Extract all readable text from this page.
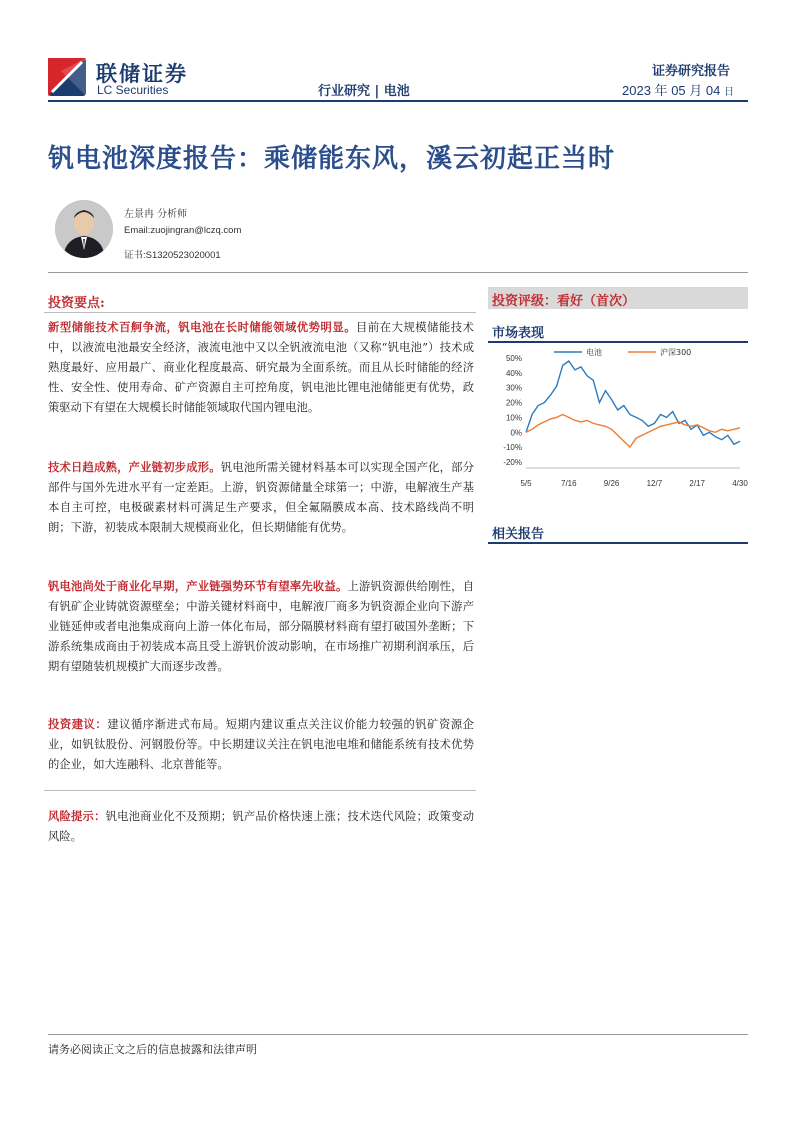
联储证券
LC Securities
证券研究报告
行业研究 | 电池	2023 年 05 月 04 日
钒电池深度报告：乘储能东风，溪云初起正当时
左景冉 分析师
Email:zuojingran@lczq.com
证书:S1320523020001
投资要点:
新型储能技术百舸争流，钒电池在长时储能领域优势明显。目前在大规模储能技术中，以液流电池最安全经济，液流电池中又以全钒液流电池（又称“钒电池”）技术成熟度最好、应用最广、商业化程度最高、研究最为全面系统。而且从长时储能的经济性、安全性、使用寿命、矿产资源自主可控角度，钒电池比锂电池储能更有优势，政策驱动下有望在大规模长时储能领域取代国内锂电池。
技术日趋成熟，产业链初步成形。钒电池所需关键材料基本可以实现全国产化，部分部件与国外先进水平有一定差距。上游，钒资源储量全球第一；中游，电解液生产基本自主可控，电极碳素材料可满足生产要求，但全氟隔膜成本高、技术路线尚不明朗；下游，初装成本限制大规模商业化，但长期储能有优势。
钒电池尚处于商业化早期，产业链强势环节有望率先收益。上游钒资源供给刚性，自有钒矿企业铸就资源壁垒；中游关键材料商中，电解液厂商多为钒资源企业向下游产业链延伸或者电池集成商向上游一体化布局，部分隔膜材料商有望打破国外垄断；下游系统集成商由于初装成本高且受上游钒价波动影响，在市场推广初期利润承压，后期有望随装机规模扩大而逐步改善。
投资建议：建议循序渐进式布局。短期内建议重点关注议价能力较强的钒矿资源企业，如钒钛股份、河钢股份等。中长期建议关注在钒电池电堆和储能系统有技术优势的企业，如大连融科、北京普能等。
风险提示：钒电池商业化不及预期；钒产品价格快速上涨；技术迭代风险；政策变动风险。
投资评级：看好（首次）
市场表现
50%
40%
30%
20%
10%
0%
-10%
-20%
5/5	7/16	9/26	12/7	2/17	4/30
电池	沪深300
相关报告
请务必阅读正文之后的信息披露和法律声明
